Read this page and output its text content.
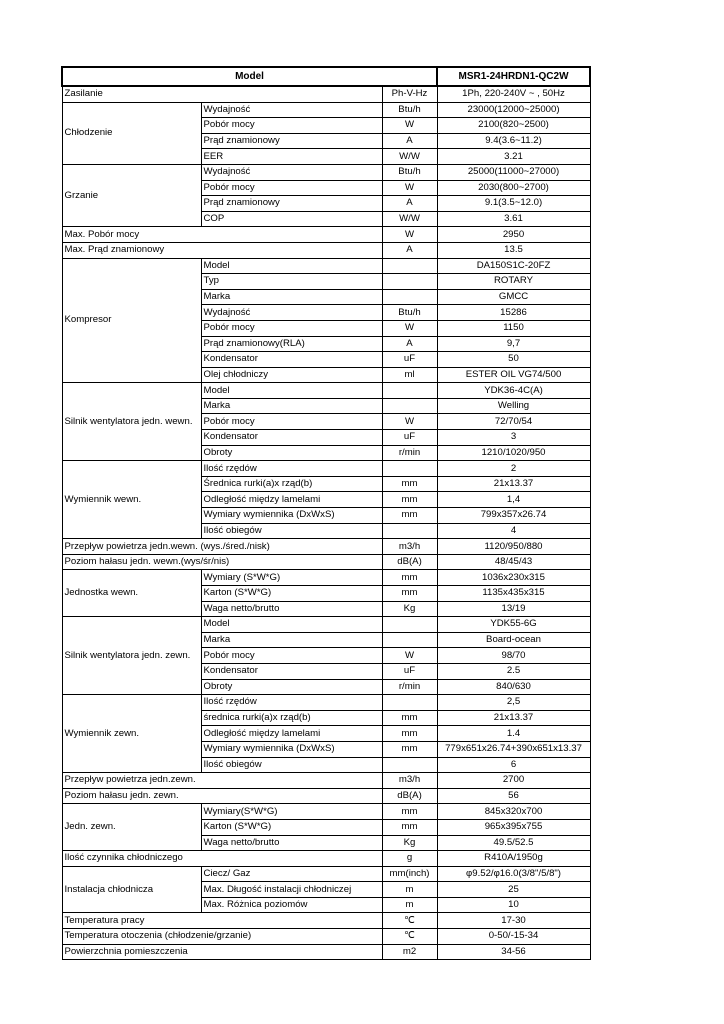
Model			MSR1-24HRDN1-QC2W
Zasilanie		Ph-V-Hz	1Ph, 220-240V ~ , 50Hz
Chłodzenie	Wydajność	Btu/h	23000(12000~25000)
	Pobór mocy	W	2100(820~2500)
	Prąd znamionowy	A	9.4(3.6~11.2)
	EER	W/W	3.21
Grzanie	Wydajność	Btu/h	25000(11000~27000)
	Pobór mocy	W	2030(800~2700)
	Prąd znamionowy	A	9.1(3.5~12.0)
	COP	W/W	3.61
Max. Pobór mocy		W	2950
Max. Prąd znamionowy		A	13.5
Kompresor	Model		DA150S1C-20FZ
	Typ		ROTARY
	Marka		GMCC
	Wydajność	Btu/h	15286
	Pobór mocy	W	1150
	Prąd znamionowy(RLA)	A	9,7
	Kondensator	uF	50
	Olej chłodniczy	ml	ESTER OIL VG74/500
Silnik wentylatora jedn. wewn.	Model		YDK36-4C(A)
	Marka		Welling
	Pobór mocy	W	72/70/54
	Kondensator	uF	3
	Obroty	r/min	1210/1020/950
Wymiennik wewn.	Ilość rzędów		2
	Średnica rurki(a)x rząd(b)	mm	21x13.37
	Odległość między lamelami	mm	1,4
	Wymiary wymiennika (DxWxS)	mm	799x357x26.74
	Ilość obiegów		4
Przepływ powietrza jedn.wewn. (wys./śred./nisk)		m3/h	1120/950/880
Poziom hałasu jedn. wewn.(wys/śr/nis)		dB(A)	48/45/43
Jednostka wewn.	Wymiary (S*W*G)	mm	1036x230x315
	Karton (S*W*G)	mm	1135x435x315
	Waga netto/brutto	Kg	13/19
Silnik wentylatora jedn. zewn.	Model		YDK55-6G
	Marka		Board-ocean
	Pobór mocy	W	98/70
	Kondensator	uF	2.5
	Obroty	r/min	840/630
Wymiennik zewn.	Ilość rzędów		2,5
	średnica rurki(a)x rząd(b)	mm	21x13.37
	Odległość między lamelami	mm	1.4
	Wymiary wymiennika (DxWxS)	mm	779x651x26.74+390x651x13.37
	Ilość obiegów		6
Przepływ powietrza jedn.zewn.		m3/h	2700
Poziom hałasu jedn. zewn.		dB(A)	56
Jedn. zewn.	Wymiary(S*W*G)	mm	845x320x700
	Karton (S*W*G)	mm	965x395x755
	Waga netto/brutto	Kg	49.5/52.5
Ilość czynnika chłodniczego		g	R410A/1950g
Instalacja chłodnicza	Ciecz/ Gaz	mm(inch)	φ9.52/φ16.0(3/8"/5/8")
	Max. Długość instalacji chłodniczej	m	25
	Max. Różnica poziomów	m	10
Temperatura pracy		℃	17-30
Temperatura otoczenia (chłodzenie/grzanie)		℃	0-50/-15-34
Powierzchnia pomieszczenia		m2	34-56
